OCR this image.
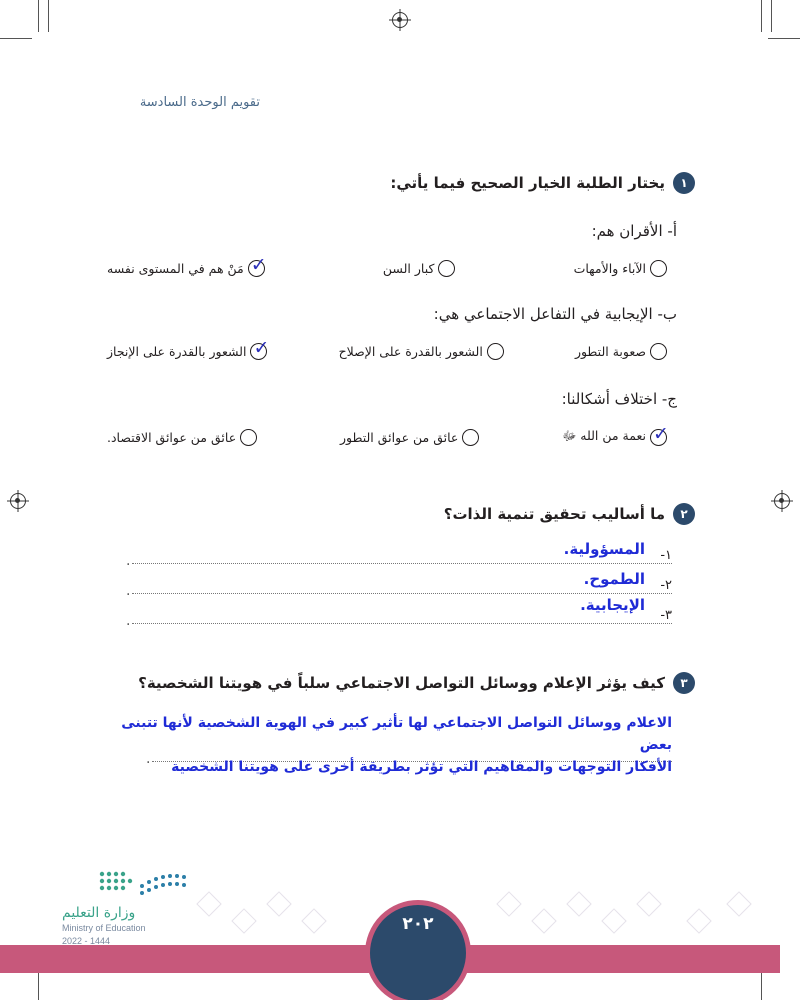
تقويم الوحدة السادسة
١
يختار الطلبة الخيار الصحيح فيما يأتي:
أ- الأقران هم:
الآباء والأمهات
كبار السن
✓
مَنْ هم في المستوى نفسه
ب- الإيجابية في التفاعل الاجتماعي هي:
صعوبة التطور
الشعور بالقدرة على الإصلاح
✓
الشعور بالقدرة على الإنجاز
ج- اختلاف أشكالنا:
✓
نعمة من الله ﷻ
عائق من عوائق التطور
عائق من عوائق الاقتصاد.
٢
ما أساليب تحقيق تنمية الذات؟
١-
.
المسؤولية.
٢-
.
الطموح.
٣-
.
الإيجابية.
٣
كيف يؤثر الإعلام ووسائل التواصل الاجتماعي سلباً في هويتنا الشخصية؟
.
الاعلام ووسائل التواصل الاجتماعي لها تأثير كبير في الهوية الشخصية لأنها تتبنى بعض
الأفكار التوجهات والمفاهيم التي تؤثر بطريقة أخرى على هويتنا الشخصية
٢٠٢
وزارة التعليم
Ministry of Education
2022 - 1444
